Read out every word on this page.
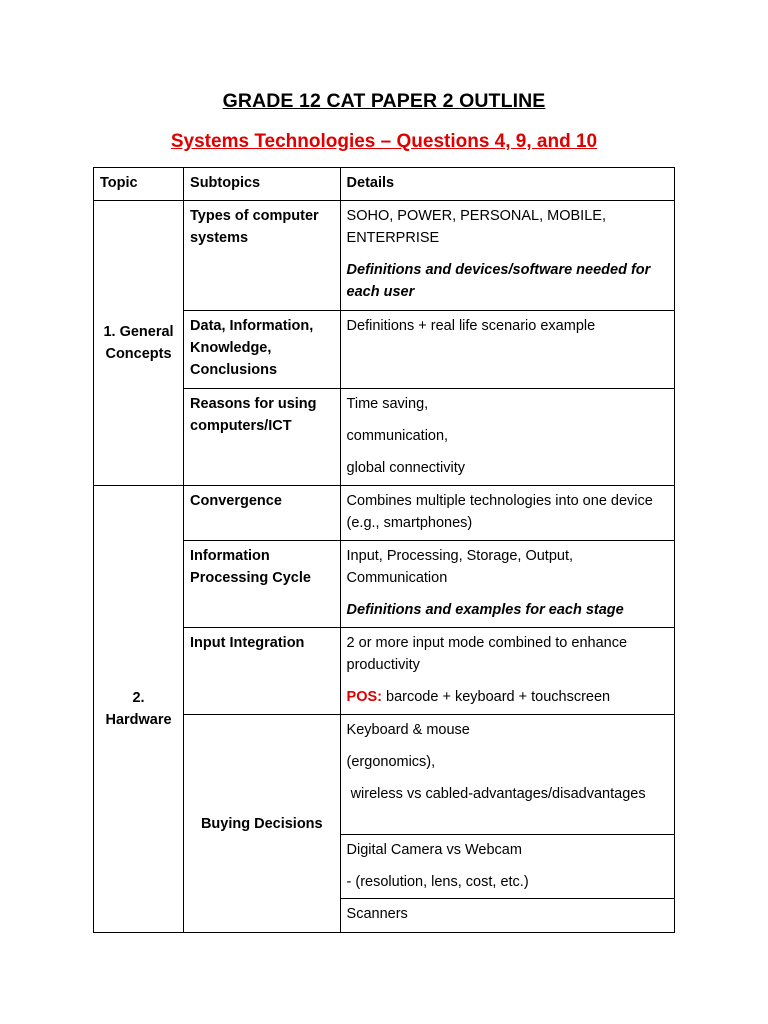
GRADE 12 CAT PAPER 2 OUTLINE
Systems Technologies – Questions 4, 9, and 10
Topic	Subtopics	Details
1. General Concepts	Types of computer systems	SOHO, POWER, PERSONAL, MOBILE, ENTERPRISE

Definitions and devices/software needed for each user

	Data, Information, Knowledge, Conclusions	Definitions + real life scenario example

	Reasons for using computers/ICT	Time saving,

communication,

global connectivity

2. Hardware	Convergence	Combines multiple technologies into one device (e.g., smartphones)

	Information Processing Cycle	Input, Processing, Storage, Output, Communication

Definitions and examples for each stage

	Input Integration	2 or more input mode combined to enhance productivity

POS: barcode + keyboard + touchscreen

	Buying Decisions	Keyboard & mouse

(ergonomics),

wireless vs cabled-advantages/disadvantages

		Digital Camera vs Webcam

- (resolution, lens, cost, etc.)

		Scanners
